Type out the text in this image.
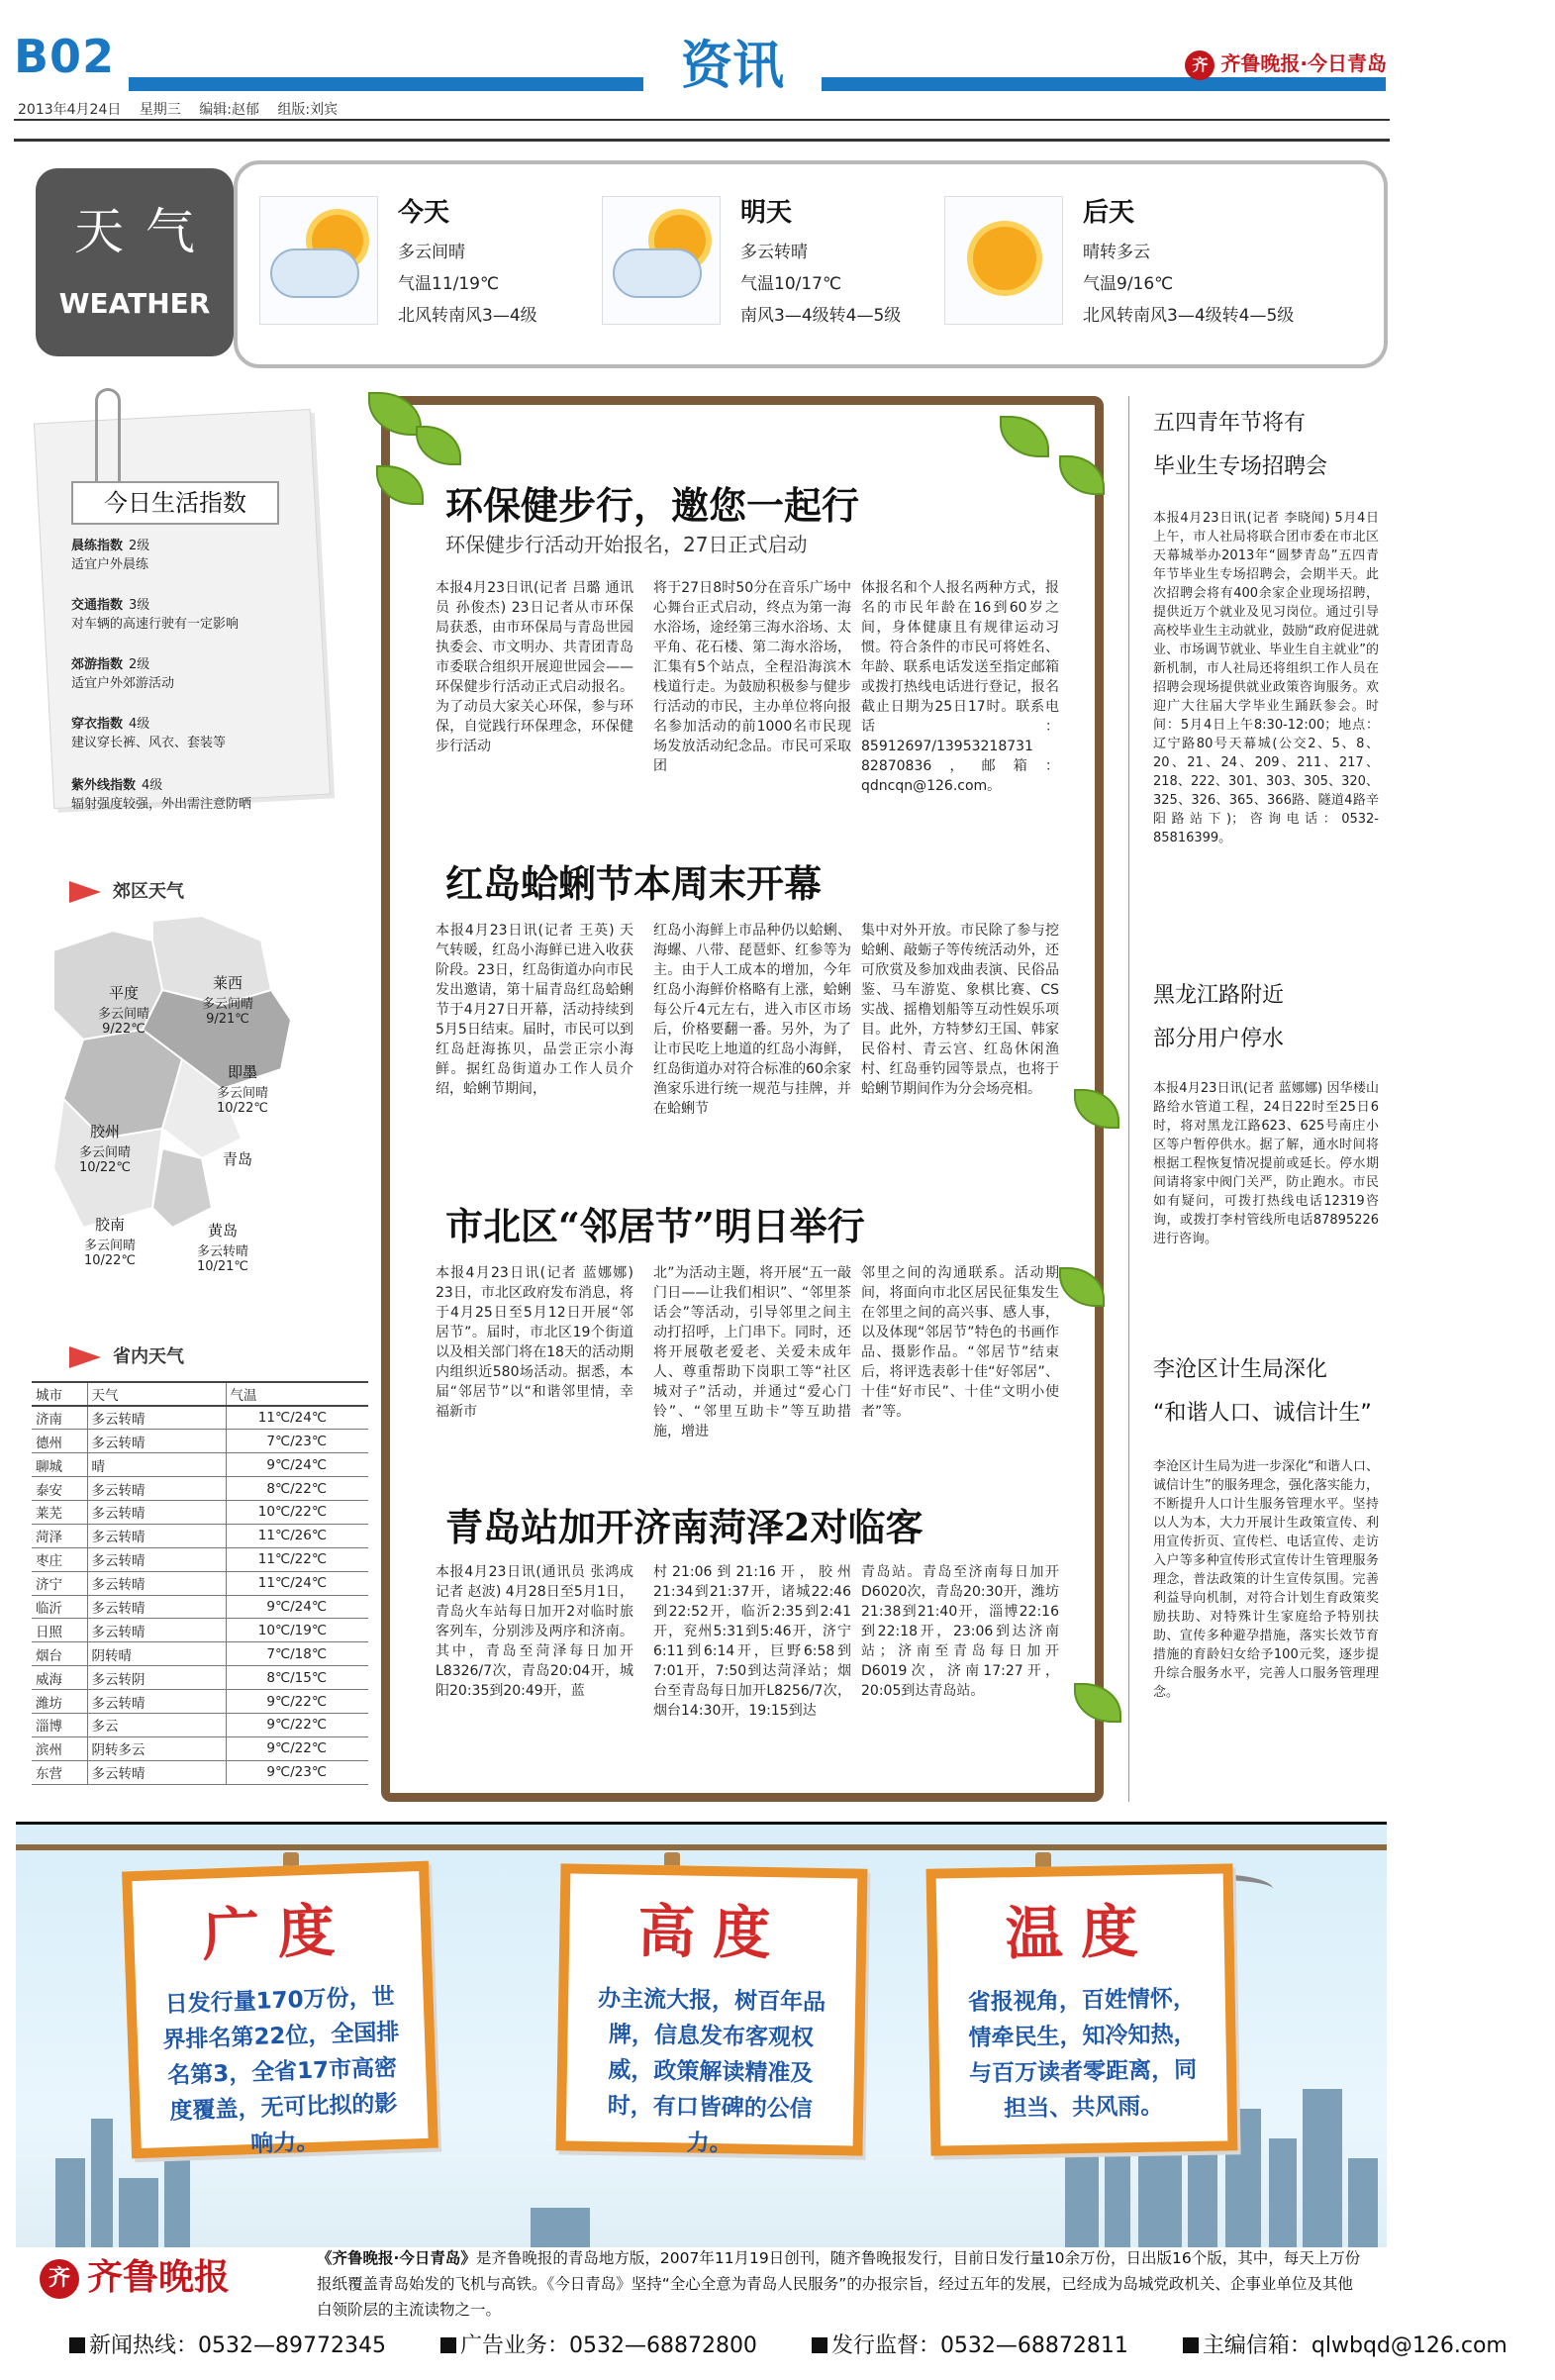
B02
2013年4月24日 星期三 编辑:赵郁 组版:刘宾
资讯	齐 齐鲁晚报·今日青岛
天气
WEATHER
今天
多云间晴
气温11/19℃
北风转南风3—4级
明天
多云转晴
气温10/17℃
南风3—4级转4—5级
后天
晴转多云
气温9/16℃
北风转南风3—4级转4—5级
今日生活指数
晨练指数 2级
适宜户外晨练
交通指数 3级
对车辆的高速行驶有一定影响
郊游指数 2级
适宜户外郊游活动
穿衣指数 4级
建议穿长裤、风衣、套装等
紫外线指数 4级
辐射强度较强，外出需注意防晒
郊区天气
平度
多云间晴
9/22℃
莱西
多云间晴
9/21℃
即墨
多云间晴
10/22℃
胶州
多云间晴
10/22℃	青岛
胶南
多云间晴
10/22℃
黄岛
多云转晴
10/21℃
省内天气
城市	天气	气温
济南	多云转晴	11℃/24℃
德州	多云转晴	7℃/23℃
聊城	晴	9℃/24℃
泰安	多云转晴	8℃/22℃
莱芜	多云转晴	10℃/22℃
菏泽	多云转晴	11℃/26℃
枣庄	多云转晴	11℃/22℃
济宁	多云转晴	11℃/24℃
临沂	多云转晴	9℃/24℃
日照	多云转晴	10℃/19℃
烟台	阴转晴	7℃/18℃
威海	多云转阴	8℃/15℃
潍坊	多云转晴	9℃/22℃
淄博	多云	9℃/22℃
滨州	阴转多云	9℃/22℃
东营	多云转晴	9℃/23℃
环保健步行，邀您一起行
环保健步行活动开始报名，27日正式启动
本报4月23日讯(记者 吕璐 通讯员 孙俊杰) 23日记者从市环保局获悉，由市环保局与青岛世园执委会、市文明办、共青团青岛市委联合组织开展迎世园会——环保健步行活动正式启动报名。为了动员大家关心环保，参与环保，自觉践行环保理念，环保健步行活动
将于27日8时50分在音乐广场中心舞台正式启动，终点为第一海水浴场，途经第三海水浴场、太平角、花石楼、第二海水浴场，汇集有5个站点，全程沿海滨木栈道行走。为鼓励积极参与健步行活动的市民，主办单位将向报名参加活动的前1000名市民现场发放活动纪念品。市民可采取团
体报名和个人报名两种方式，报名的市民年龄在16到60岁之间，身体健康且有规律运动习惯。符合条件的市民可将姓名、年龄、联系电话发送至指定邮箱或拨打热线电话进行登记，报名截止日期为25日17时。联系电话：85912697/13953218731 82870836，邮箱：qdncqn@126.com。
红岛蛤蜊节本周末开幕
本报4月23日讯(记者 王英) 天气转暖，红岛小海鲜已进入收获阶段。23日，红岛街道办向市民发出邀请，第十届青岛红岛蛤蜊节于4月27日开幕，活动持续到5月5日结束。届时，市民可以到红岛赶海拣贝，品尝正宗小海鲜。据红岛街道办工作人员介绍，蛤蜊节期间，
红岛小海鲜上市品种仍以蛤蜊、海螺、八带、琵琶虾、红参等为主。由于人工成本的增加，今年红岛小海鲜价格略有上涨，蛤蜊每公斤4元左右，进入市区市场后，价格要翻一番。另外，为了让市民吃上地道的红岛小海鲜，红岛街道办对符合标准的60余家渔家乐进行统一规范与挂牌，并在蛤蜊节
集中对外开放。市民除了参与挖蛤蜊、敲蛎子等传统活动外，还可欣赏及参加戏曲表演、民俗品鉴、马车游览、象棋比赛、CS实战、摇橹划船等互动性娱乐项目。此外，方特梦幻王国、韩家民俗村、青云宫、红岛休闲渔村、红岛垂钓园等景点，也将于蛤蜊节期间作为分会场亮相。
市北区“邻居节”明日举行
本报4月23日讯(记者 蓝娜娜) 23日，市北区政府发布消息，将于4月25日至5月12日开展“邻居节”。届时，市北区19个街道以及相关部门将在18天的活动期内组织近580场活动。据悉，本届“邻居节”以“和谐邻里情，幸福新市
北”为活动主题，将开展“五一敲门日——让我们相识”、“邻里茶话会”等活动，引导邻里之间主动打招呼，上门串下。同时，还将开展敬老爱老、关爱未成年人、尊重帮助下岗职工等“社区城对子”活动，并通过“爱心门铃”、“邻里互助卡”等互助措施，增进
邻里之间的沟通联系。活动期间，将面向市北区居民征集发生在邻里之间的高兴事、感人事，以及体现“邻居节”特色的书画作品、摄影作品。“邻居节”结束后，将评选表彰十佳“好邻居”、十佳“好市民”、十佳“文明小使者”等。
青岛站加开济南菏泽2对临客
本报4月23日讯(通讯员 张鸿成 记者 赵波) 4月28日至5月1日，青岛火车站每日加开2对临时旅客列车，分别涉及两序和济南。其中，青岛至菏泽每日加开L8326/7次，青岛20:04开，城阳20:35到20:49开，蓝
村21:06到21:16开，胶州21:34到21:37开，诸城22:46到22:52开，临沂2:35到2:41开，兖州5:31到5:46开，济宁6:11到6:14开，巨野6:58到7:01开，7:50到达菏泽站；烟台至青岛每日加开L8256/7次，烟台14:30开，19:15到达
青岛站。青岛至济南每日加开D6020次，青岛20:30开，潍坊21:38到21:40开，淄博22:16到22:18开，23:06到达济南站；济南至青岛每日加开D6019次，济南17:27开，20:05到达青岛站。
五四青年节将有
毕业生专场招聘会
本报4月23日讯(记者 李晓闻) 5月4日上午，市人社局将联合团市委在市北区天幕城举办2013年“圆梦青岛”五四青年节毕业生专场招聘会，会期半天。此次招聘会将有400余家企业现场招聘，提供近万个就业及见习岗位。通过引导高校毕业生主动就业，鼓励“政府促进就业、市场调节就业、毕业生自主就业”的新机制，市人社局还将组织工作人员在招聘会现场提供就业政策咨询服务。欢迎广大往届大学毕业生踊跃参会。时间：5月4日上午8:30-12:00；地点：辽宁路80号天幕城(公交2、5、8、20、21、24、209、211、217、218、222、301、303、305、320、325、326、365、366路、隧道4路辛阳路站下)；咨询电话：0532-85816399。
黑龙江路附近
部分用户停水
本报4月23日讯(记者 蓝娜娜) 因华楼山路给水管道工程，24日22时至25日6时，将对黑龙江路623、625号南庄小区等户暂停供水。据了解，通水时间将根据工程恢复情况提前或延长。停水期间请将家中阀门关严，防止跑水。市民如有疑问，可拨打热线电话12319咨询，或拨打李村管线所电话87895226进行咨询。
李沧区计生局深化
“和谐人口、诚信计生”
李沧区计生局为进一步深化“和谐人口、诚信计生”的服务理念，强化落实能力，不断提升人口计生服务管理水平。坚持以人为本，大力开展计生政策宣传、利用宣传折页、宣传栏、电话宣传、走访入户等多种宣传形式宣传计生管理服务理念，普法政策的计生宣传氛围。完善利益导向机制，对符合计划生育政策奖励扶助、对特殊计生家庭给予特别扶助、宣传多种避孕措施，落实长效节育措施的育龄妇女给予100元奖，逐步提升综合服务水平，完善人口服务管理理念。
广度
日发行量170万份，世界排名第22位，全国排名第3，全省17市高密度覆盖，无可比拟的影响力。
高度
办主流大报，树百年品牌，信息发布客观权威，政策解读精准及时，有口皆碑的公信力。
温度
省报视角，百姓情怀，情牵民生，知冷知热，与百万读者零距离，同担当、共风雨。
齐 齐鲁晚报	《齐鲁晚报·今日青岛》是齐鲁晚报的青岛地方版，2007年11月19日创刊，随齐鲁晚报发行，目前日发行量10余万份，日出版16个版，其中，每天上万份报纸覆盖青岛始发的飞机与高铁。《今日青岛》坚持“全心全意为青岛人民服务”的办报宗旨，经过五年的发展，已经成为岛城党政机关、企事业单位及其他白领阶层的主流读物之一。
新闻热线：0532—89772345	广告业务：0532—68872800	发行监督：0532—68872811	主编信箱：qlwbqd@126.com
